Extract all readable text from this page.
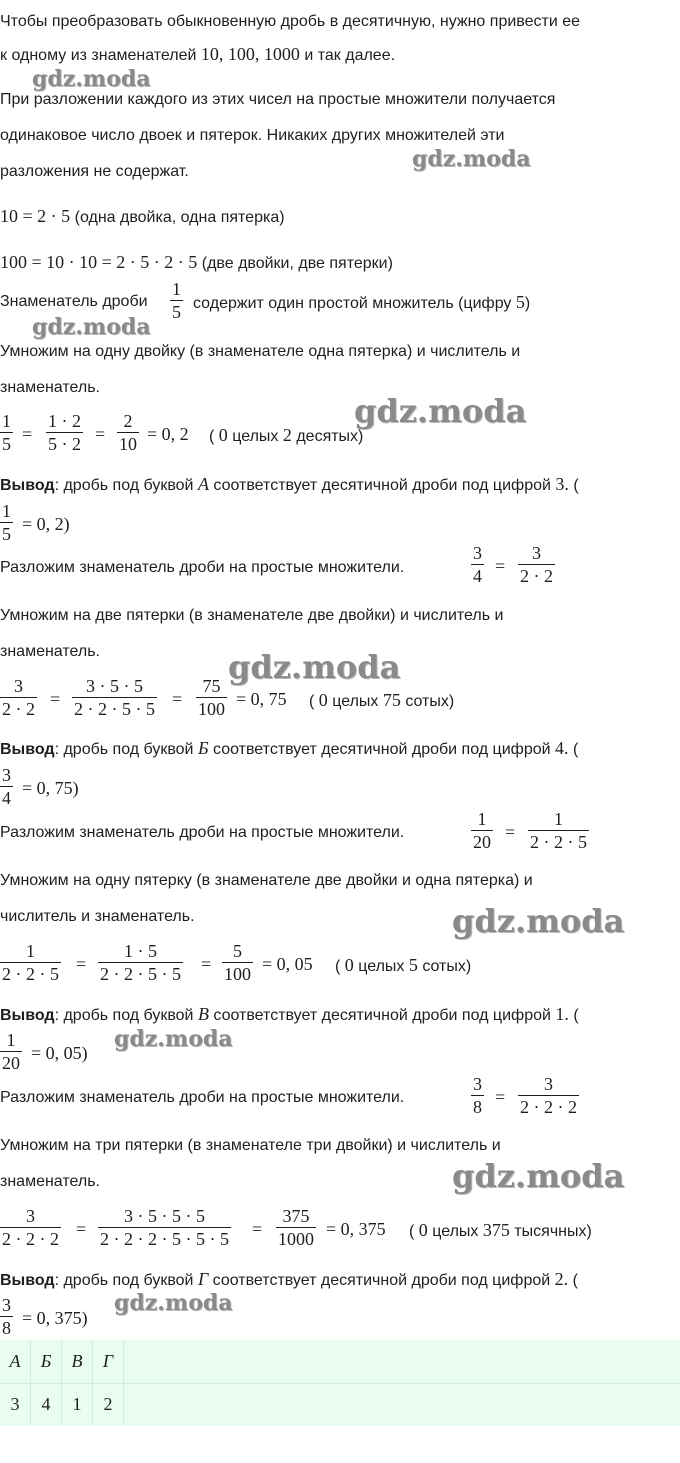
Чтобы преобразовать обыкновенную дробь в десятичную, нужно привести ее
к одному из знаменателей 10, 100, 1000 и так далее.
При разложении каждого из этих чисел на простые множители получается
одинаковое число двоек и пятерок. Никаких других множителей эти
разложения не содержат.
10 = 2 · 5 (одна двойка, одна пятерка)
100 = 10 · 10 = 2 · 5 · 2 · 5 (две двойки, две пятерки)
Знаменатель дроби $\frac{1}{5}$ содержит один простой множитель (цифру 5)
Умножим на одну двойку (в знаменателе одна пятерка) и числитель и
знаменатель.
$\frac{1}{5} = \frac{1 \cdot 2}{5 \cdot 2} = \frac{2}{10} = 0$, 2 ( 0 целых 2 десятых)
Вывод: дробь под буквой A соответствует десятичной дроби под цифрой 3. (
$\frac{1}{5} = 0$, 2)
Разложим знаменатель дроби на простые множители.	$\frac{3}{4} = \frac{3}{2 \cdot 2}$
Умножим на две пятерки (в знаменателе две двойки) и числитель и
знаменатель.
$\frac{3}{2 \cdot 2} = \frac{3 \cdot 5 \cdot 5}{2 \cdot 2 \cdot 5 \cdot 5} = \frac{75}{100} = 0$, 75 ( 0 целых 75 сотых)
Вывод: дробь под буквой Б соответствует десятичной дроби под цифрой 4. (
$\frac{3}{4} = 0$, 75)
Разложим знаменатель дроби на простые множители.	$\frac{1}{20} = \frac{1}{2 \cdot 2 \cdot 5}$
Умножим на одну пятерку (в знаменателе две двойки и одна пятерка) и
числитель и знаменатель.
$\frac{1}{2 \cdot 2 \cdot 5} = \frac{1 \cdot 5}{2 \cdot 2 \cdot 5 \cdot 5} = \frac{5}{100} = 0$, 05 ( 0 целых 5 сотых)
Вывод: дробь под буквой В соответствует десятичной дроби под цифрой 1. (
$\frac{1}{20} = 0$, 05)
Разложим знаменатель дроби на простые множители.	$\frac{3}{8} = \frac{3}{2 \cdot 2 \cdot 2}$
Умножим на три пятерки (в знаменателе три двойки) и числитель и
знаменатель.
$\frac{3}{2 \cdot 2 \cdot 2} = \frac{3 \cdot 5 \cdot 5 \cdot 5}{2 \cdot 2 \cdot 2 \cdot 5 \cdot 5 \cdot 5} = \frac{375}{1000} = 0$, 375 ( 0 целых 375 тысячных)
Вывод: дробь под буквой Г соответствует десятичной дроби под цифрой 2. (
$\frac{3}{8} = 0$, 375)
А	Б	В	Г
3	4	1	2
gdz.moda
gdz.moda
gdz.moda
gdz.moda
gdz.moda
gdz.moda
gdz.moda
gdz.moda
gdz.moda
